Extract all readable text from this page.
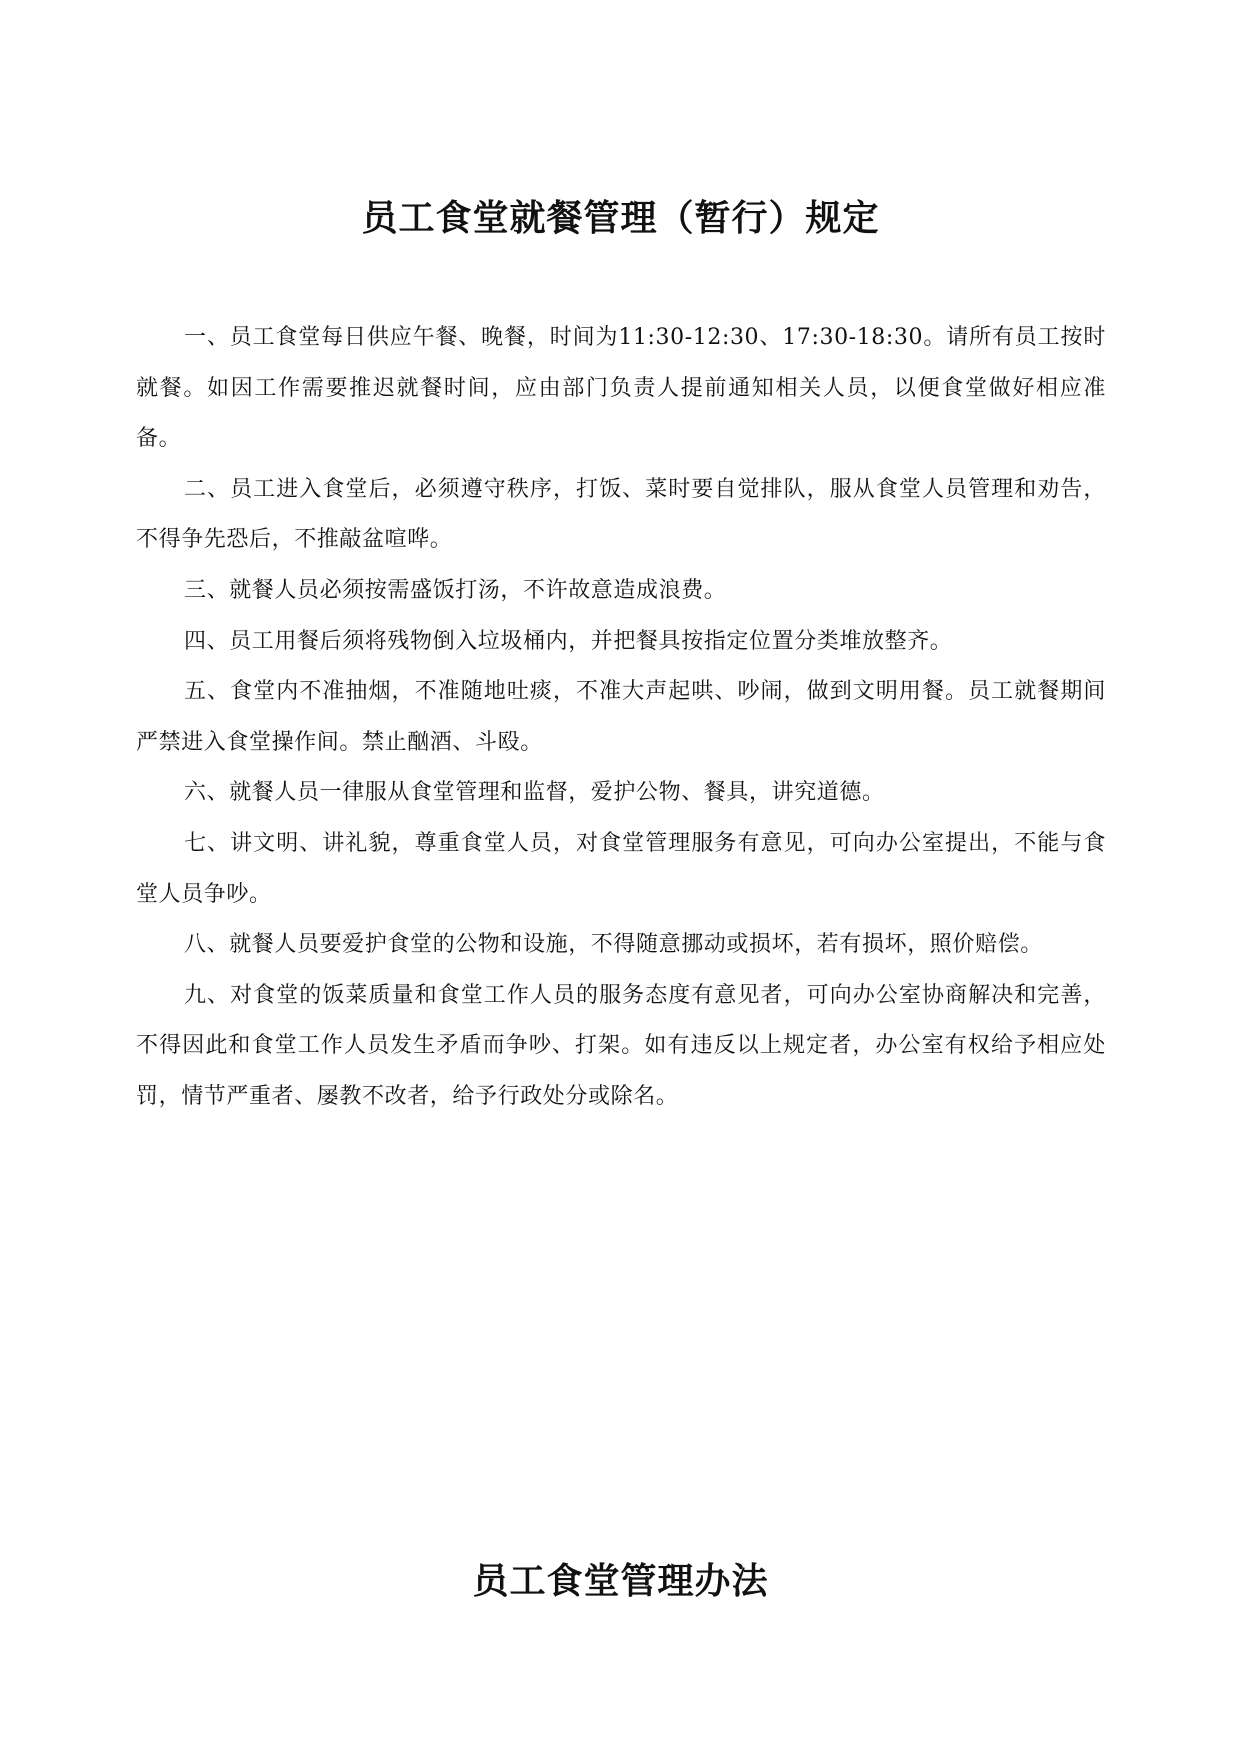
员工食堂就餐管理（暂行）规定

一、员工食堂每日供应午餐、晚餐，时间为11:30-12:30、17:30-18:30。请所有员工按时就餐。如因工作需要推迟就餐时间，应由部门负责人提前通知相关人员，以便食堂做好相应准备。

二、员工进入食堂后，必须遵守秩序，打饭、菜时要自觉排队，服从食堂人员管理和劝告，不得争先恐后，不推敲盆喧哗。

三、就餐人员必须按需盛饭打汤，不许故意造成浪费。

四、员工用餐后须将残物倒入垃圾桶内，并把餐具按指定位置分类堆放整齐。

五、食堂内不准抽烟，不准随地吐痰，不准大声起哄、吵闹，做到文明用餐。员工就餐期间严禁进入食堂操作间。禁止酗酒、斗殴。

六、就餐人员一律服从食堂管理和监督，爱护公物、餐具，讲究道德。

七、讲文明、讲礼貌，尊重食堂人员，对食堂管理服务有意见，可向办公室提出，不能与食堂人员争吵。

八、就餐人员要爱护食堂的公物和设施，不得随意挪动或损坏，若有损坏，照价赔偿。

九、对食堂的饭菜质量和食堂工作人员的服务态度有意见者，可向办公室协商解决和完善，不得因此和食堂工作人员发生矛盾而争吵、打架。如有违反以上规定者，办公室有权给予相应处罚，情节严重者、屡教不改者，给予行政处分或除名。

员工食堂管理办法
